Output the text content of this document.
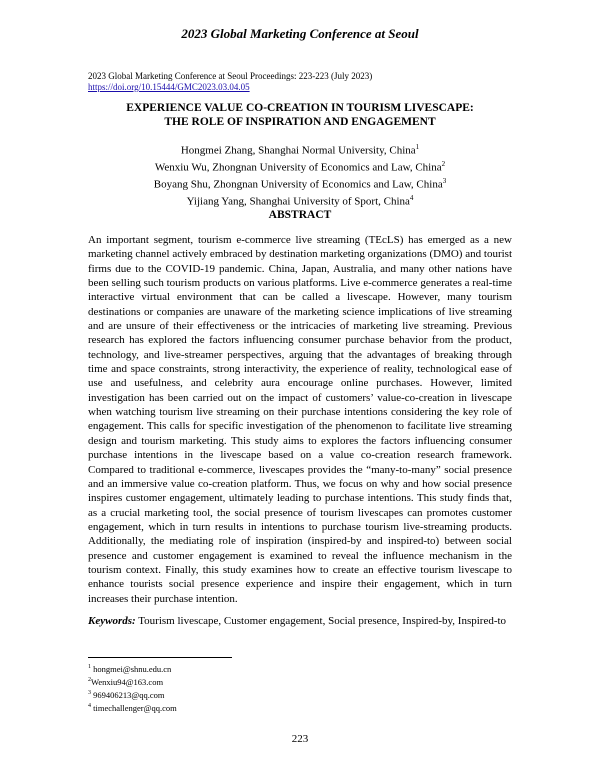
2023 Global Marketing Conference at Seoul
2023 Global Marketing Conference at Seoul Proceedings: 223-223 (July 2023)
https://doi.org/10.15444/GMC2023.03.04.05
EXPERIENCE VALUE CO-CREATION IN TOURISM LIVESCAPE:
THE ROLE OF INSPIRATION AND ENGAGEMENT
Hongmei Zhang, Shanghai Normal University, China$^1$
Wenxiu Wu, Zhongnan University of Economics and Law, China$^2$
Boyang Shu, Zhongnan University of Economics and Law, China$^3$
Yijiang Yang, Shanghai University of Sport, China$^4$
ABSTRACT

An important segment, tourism e-commerce live streaming (TEcLS) has emerged as a new marketing channel actively embraced by destination marketing organizations (DMO) and tourist firms due to the COVID-19 pandemic. China, Japan, Australia, and many other nations have been selling such tourism products on various platforms. Live e-commerce generates a real-time interactive virtual environment that can be called a livescape. However, many tourism destinations or companies are unaware of the marketing science implications of live streaming and are unsure of their effectiveness or the intricacies of marketing live streaming. Previous research has explored the factors influencing consumer purchase behavior from the product, technology, and live-streamer perspectives, arguing that the advantages of breaking through time and space constraints, strong interactivity, the experience of reality, technological ease of use and usefulness, and celebrity aura encourage online purchases. However, limited investigation has been carried out on the impact of customers’ value-co-creation in livescape when watching tourism live streaming on their purchase intentions considering the key role of engagement. This calls for specific investigation of the phenomenon to facilitate live streaming design and tourism marketing. This study aims to explores the factors influencing consumer purchase intentions in the livescape based on a value co-creation research framework. Compared to traditional e-commerce, livescapes provides the “many-to-many” social presence and an immersive value co-creation platform. Thus, we focus on why and how social presence inspires customer engagement, ultimately leading to purchase intentions. This study finds that, as a crucial marketing tool, the social presence of tourism livescapes can promotes customer engagement, which in turn results in intentions to purchase tourism live-streaming products. Additionally, the mediating role of inspiration (inspired-by and inspired-to) between social presence and customer engagement is examined to reveal the influence mechanism in the tourism context. Finally, this study examines how to create an effective tourism livescape to enhance tourists social presence experience and inspire their engagement, which in turn increases their purchase intention.

Keywords: Tourism livescape, Customer engagement, Social presence, Inspired-by, Inspired-to

$^1$ hongmei@shnu.edu.cn
$^2$Wenxiu94@163.com
$^3$ 969406213@qq.com
$^4$ timechallenger@qq.com
223
